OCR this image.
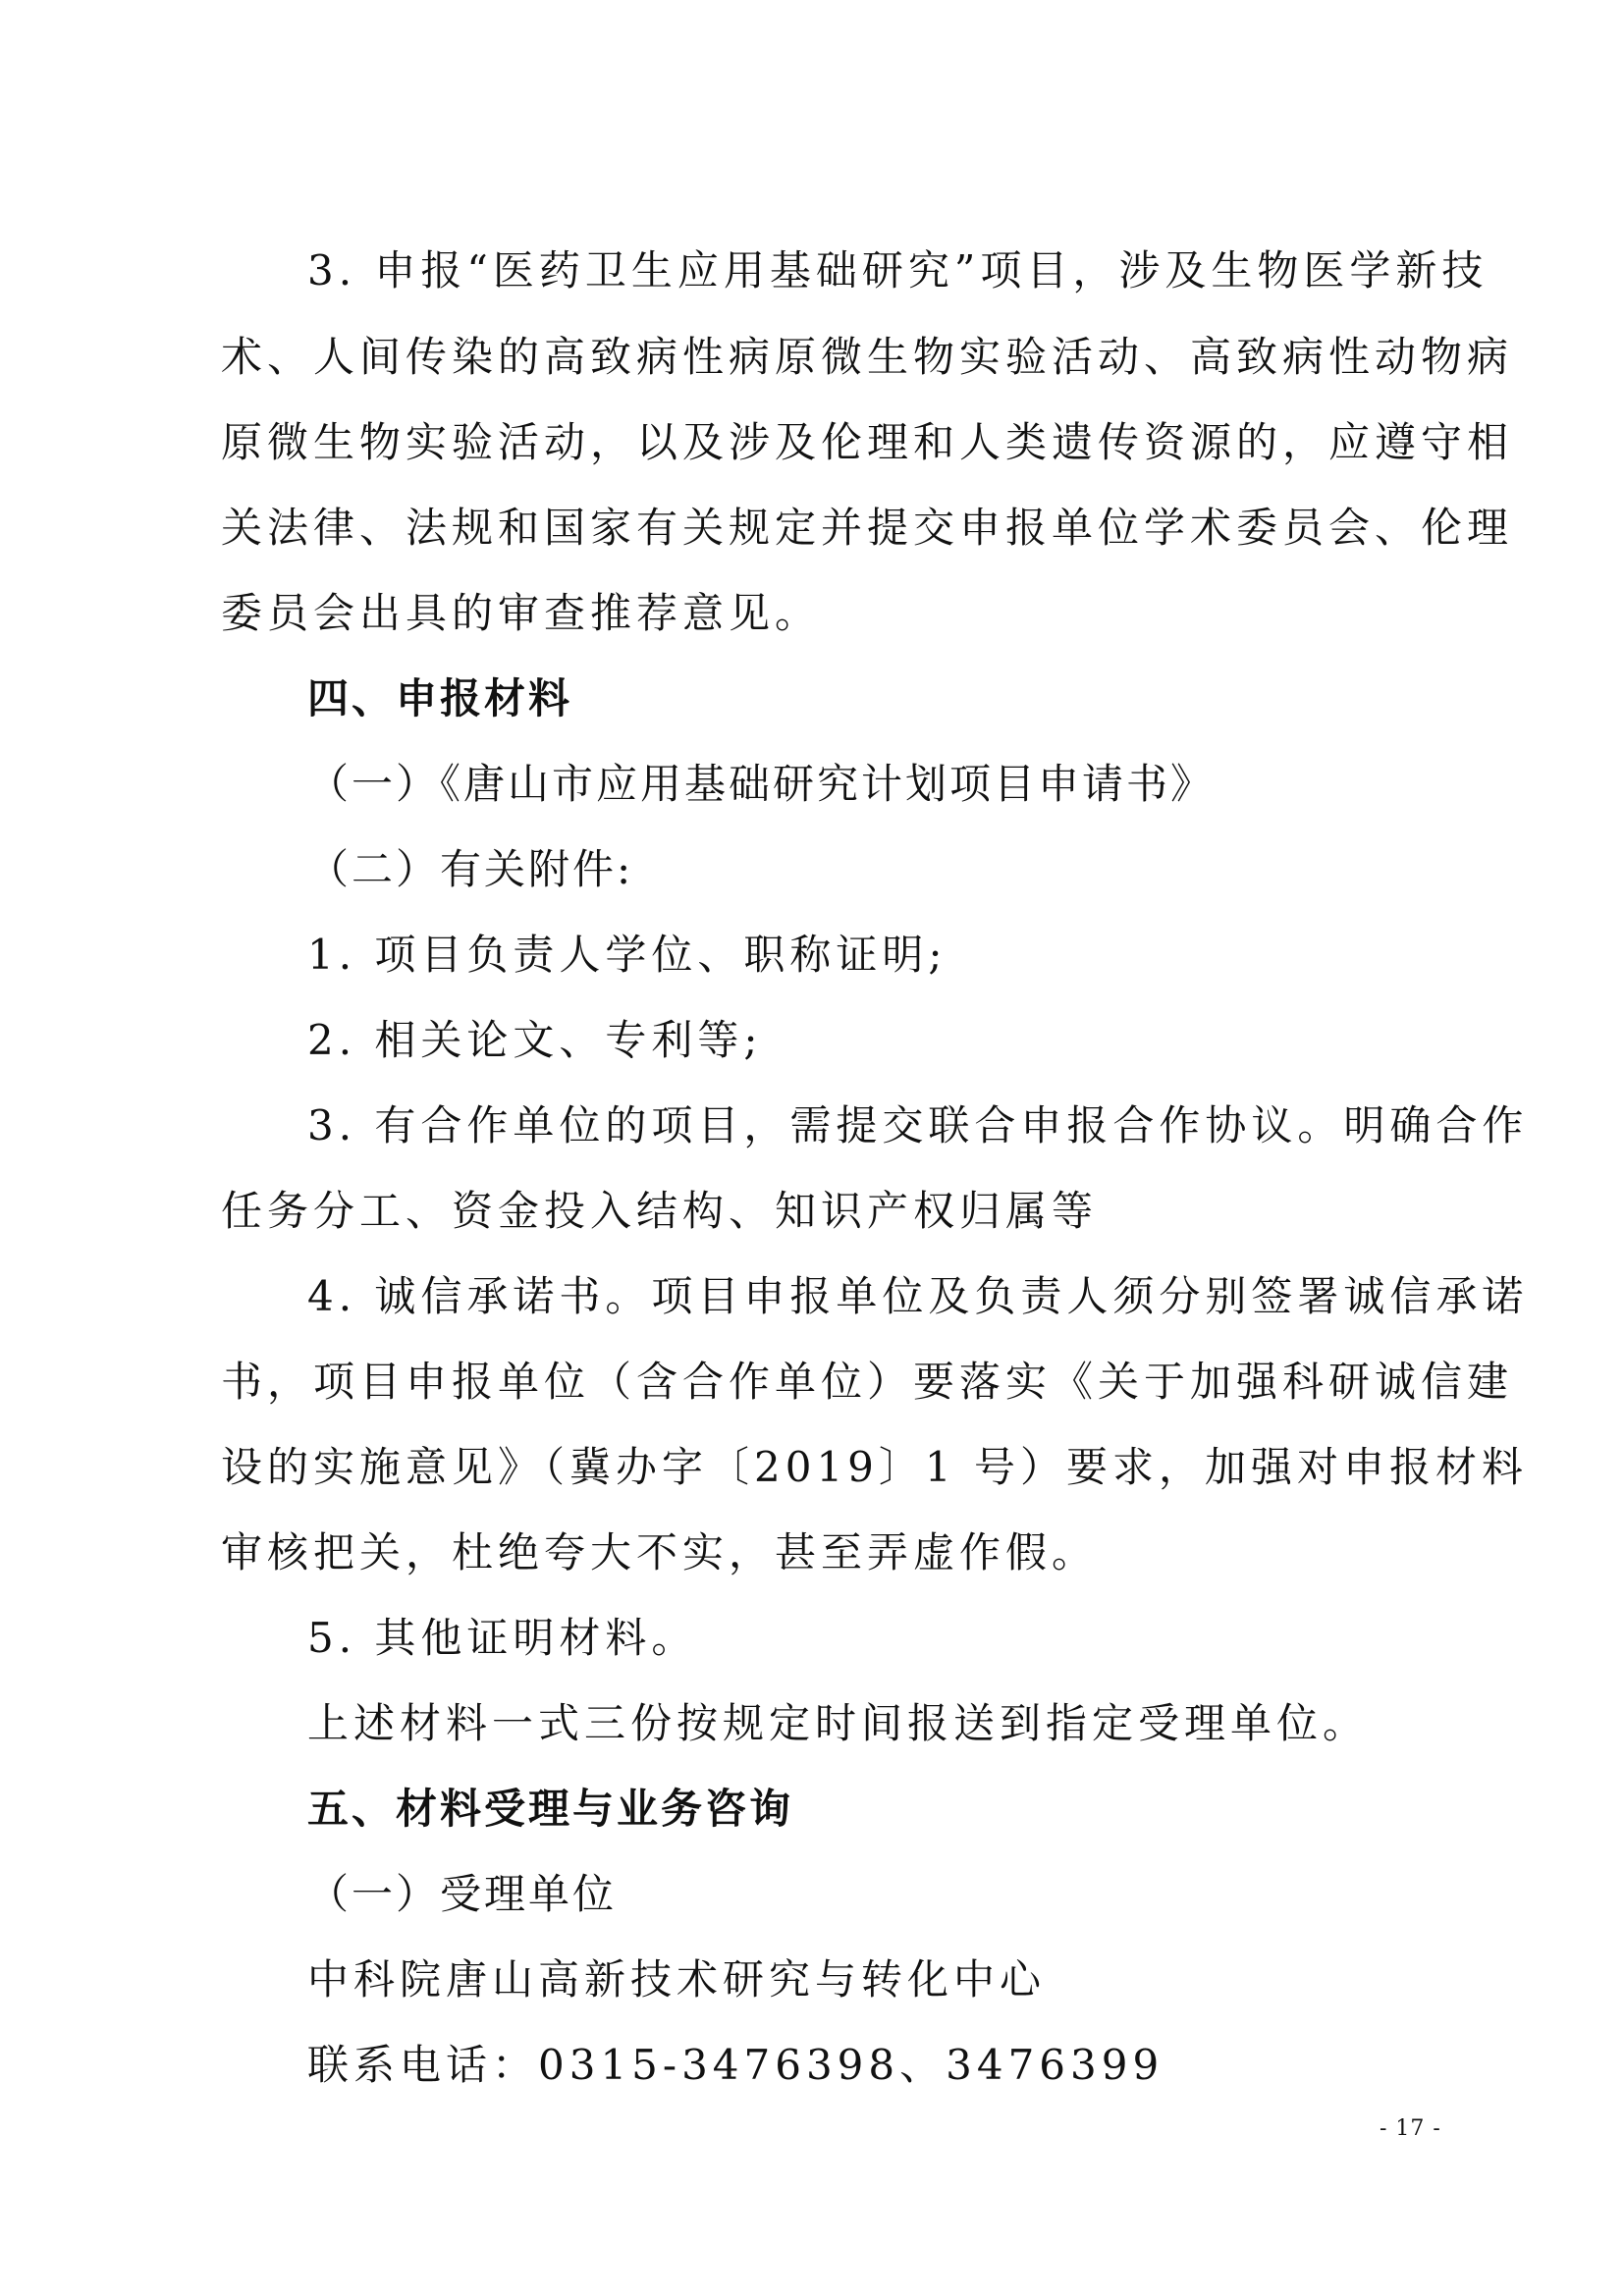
3. 申报“医药卫生应用基础研究”项目，涉及生物医学新技
术、人间传染的高致病性病原微生物实验活动、高致病性动物病
原微生物实验活动，以及涉及伦理和人类遗传资源的，应遵守相
关法律、法规和国家有关规定并提交申报单位学术委员会、伦理
委员会出具的审查推荐意见。
四、申报材料
（一）《唐山市应用基础研究计划项目申请书》
（二）有关附件:
1. 项目负责人学位、职称证明;
2. 相关论文、专利等;
3. 有合作单位的项目，需提交联合申报合作协议。明确合作
任务分工、资金投入结构、知识产权归属等
4. 诚信承诺书。项目申报单位及负责人须分别签署诚信承诺
书，项目申报单位（含合作单位）要落实《关于加强科研诚信建
设的实施意见》（冀办字〔2019〕1 号）要求，加强对申报材料
审核把关，杜绝夸大不实，甚至弄虚作假。
5. 其他证明材料。
上述材料一式三份按规定时间报送到指定受理单位。
五、材料受理与业务咨询
（一）受理单位
中科院唐山高新技术研究与转化中心
联系电话：0315-3476398、3476399
- 17 -
